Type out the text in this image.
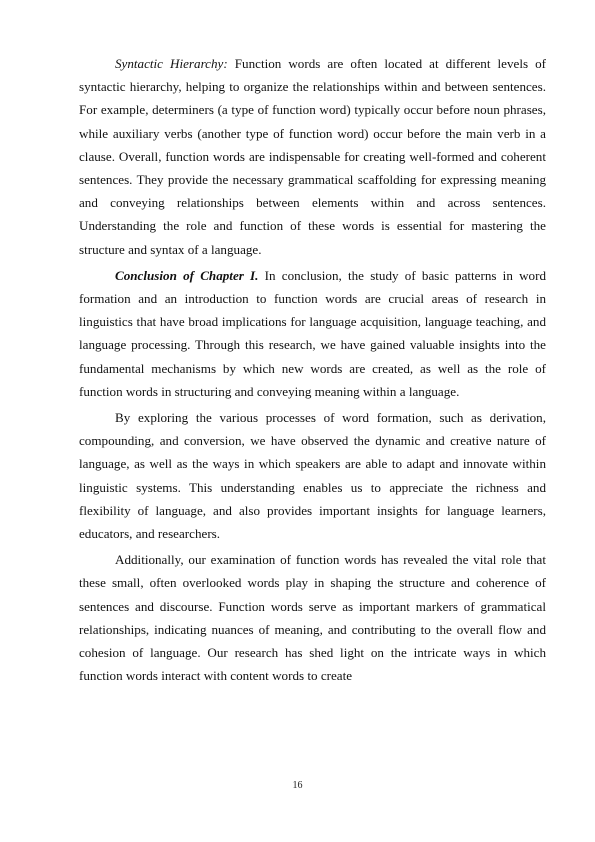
Syntactic Hierarchy: Function words are often located at different levels of syntactic hierarchy, helping to organize the relationships within and between sentences. For example, determiners (a type of function word) typically occur before noun phrases, while auxiliary verbs (another type of function word) occur before the main verb in a clause. Overall, function words are indispensable for creating well-formed and coherent sentences. They provide the necessary grammatical scaffolding for expressing meaning and conveying relationships between elements within and across sentences. Understanding the role and function of these words is essential for mastering the structure and syntax of a language.

Conclusion of Chapter I. In conclusion, the study of basic patterns in word formation and an introduction to function words are crucial areas of research in linguistics that have broad implications for language acquisition, language teaching, and language processing. Through this research, we have gained valuable insights into the fundamental mechanisms by which new words are created, as well as the role of function words in structuring and conveying meaning within a language.

By exploring the various processes of word formation, such as derivation, compounding, and conversion, we have observed the dynamic and creative nature of language, as well as the ways in which speakers are able to adapt and innovate within linguistic systems. This understanding enables us to appreciate the richness and flexibility of language, and also provides important insights for language learners, educators, and researchers.

Additionally, our examination of function words has revealed the vital role that these small, often overlooked words play in shaping the structure and coherence of sentences and discourse. Function words serve as important markers of grammatical relationships, indicating nuances of meaning, and contributing to the overall flow and cohesion of language. Our research has shed light on the intricate ways in which function words interact with content words to create

16
